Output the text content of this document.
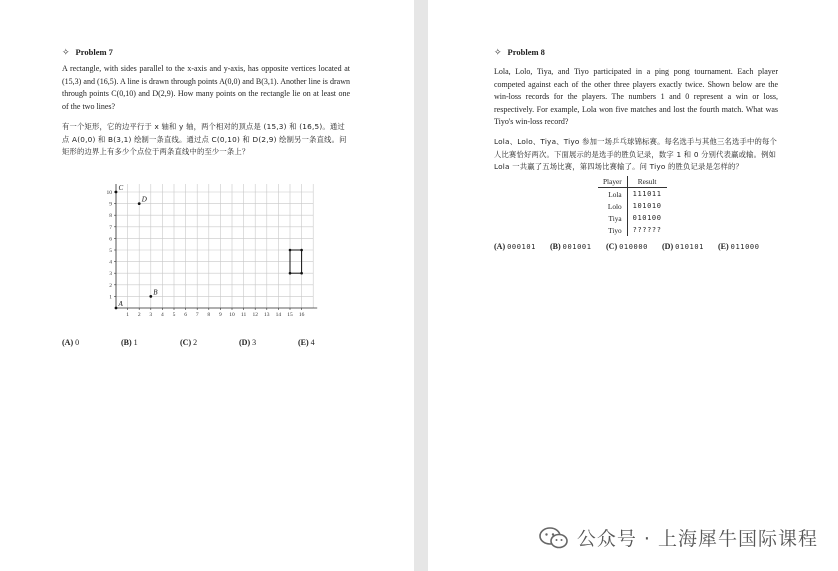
✧ Problem 7
A rectangle, with sides parallel to the x-axis and y-axis, has opposite vertices located at (15,3) and (16,5). A line is drawn through points A(0,0) and B(3,1). Another line is drawn through points C(0,10) and D(2,9). How many points on the rectangle lie on at least one of the two lines?
有一个矩形，它的边平行于 x 轴和 y 轴，两个相对的顶点是 (15,3) 和 (16,5)。通过点 A(0,0) 和 B(3,1) 绘制一条直线。通过点 C(0,10) 和 D(2,9) 绘制另一条直线。问矩形的边界上有多少个点位于两条直线中的至少一条上？
1 2 3 4 5 6 7 8 9 10 11 12 13 14 15 16
1
2
3
4
5
6
7
8
9
10
A
B
C
D
(A) 0	(B) 1	(C) 2	(D) 3	(E) 4
✧ Problem 8
Lola, Lolo, Tiya, and Tiyo participated in a ping pong tournament. Each player competed against each of the other three players exactly twice. Shown below are the win-loss records for the players. The numbers 1 and 0 represent a win or loss, respectively. For example, Lola won five matches and lost the fourth match. What was Tiyo's win-loss record?
Lola、Lolo、Tiya、Tiyo 参加一场乒乓球锦标赛。每名选手与其他三名选手中的每个人比赛恰好两次。下面展示的是选手的胜负记录，数字 1 和 0 分别代表赢或输。例如 Lola 一共赢了五场比赛，第四场比赛输了。问 Tiyo 的胜负记录是怎样的？
Player	Result
Lola	111011
Lolo	101010
Tiya	010100
Tiyo	??????
(A) 000101	(B) 001001	(C) 010000	(D) 010101	(E) 011000
公众号 · 上海犀牛国际课程
